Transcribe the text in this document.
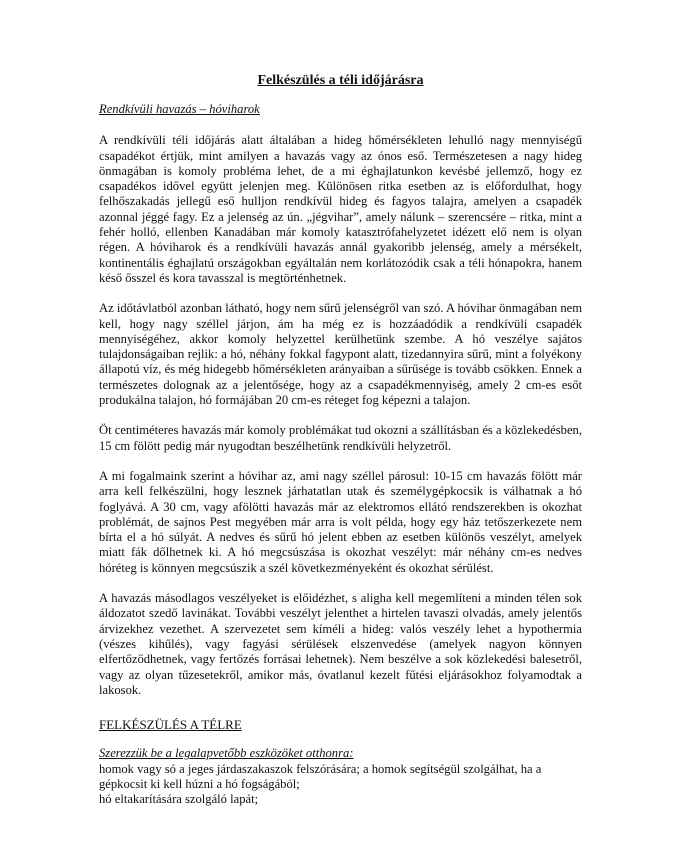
Felkészülés a téli időjárásra
Rendkívüli havazás – hóviharok

A rendkívüli téli időjárás alatt általában a hideg hőmérsékleten lehulló nagy mennyiségű csapadékot értjük, mint amilyen a havazás vagy az ónos eső. Természetesen a nagy hideg önmagában is komoly probléma lehet, de a mi éghajlatunkon kevésbé jellemző, hogy ez csapadékos idővel együtt jelenjen meg. Különösen ritka esetben az is előfordulhat, hogy felhőszakadás jellegű eső hulljon rendkívül hideg és fagyos talajra, amelyen a csapadék azonnal jéggé fagy. Ez a jelenség az ún. „jégvihar”, amely nálunk – szerencsére – ritka, mint a fehér holló, ellenben Kanadában már komoly katasztrófahelyzetet idézett elő nem is olyan régen. A hóviharok és a rendkívüli havazás annál gyakoribb jelenség, amely a mérsékelt, kontinentális éghajlatú országokban egyáltalán nem korlátozódik csak a téli hónapokra, hanem késő ősszel és kora tavasszal is megtörténhetnek.

Az időtávlatból azonban látható, hogy nem sűrű jelenségről van szó. A hóvihar önmagában nem kell, hogy nagy széllel járjon, ám ha még ez is hozzáadódik a rendkívüli csapadék mennyiségéhez, akkor komoly helyzettel kerülhetünk szembe. A hó veszélye sajátos tulajdonságaiban rejlik: a hó, néhány fokkal fagypont alatt, tizedannyira sűrű, mint a folyékony állapotú víz, és még hidegebb hőmérsékleten arányaiban a sűrűsége is tovább csökken. Ennek a természetes dolognak az a jelentősége, hogy az a csapadékmennyiség, amely 2 cm-es esőt produkálna talajon, hó formájában 20 cm-es réteget fog képezni a talajon.

Öt centiméteres havazás már komoly problémákat tud okozni a szállításban és a közlekedésben, 15 cm fölött pedig már nyugodtan beszélhetünk rendkívüli helyzetről.

A mi fogalmaink szerint a hóvihar az, ami nagy széllel párosul: 10-15 cm havazás fölött már arra kell felkészülni, hogy lesznek járhatatlan utak és személygépkocsik is válhatnak a hó foglyává. A 30 cm, vagy afölötti havazás már az elektromos ellátó rendszerekben is okozhat problémát, de sajnos Pest megyében már arra is volt példa, hogy egy ház tetőszerkezete nem bírta el a hó súlyát. A nedves és sűrű hó jelent ebben az esetben különös veszélyt, amelyek miatt fák dőlhetnek ki. A hó megcsúszása is okozhat veszélyt: már néhány cm-es nedves hóréteg is könnyen megcsúszik a szél következményeként és okozhat sérülést.

A havazás másodlagos veszélyeket is előidézhet, s aligha kell megemlíteni a minden télen sok áldozatot szedő lavinákat. További veszélyt jelenthet a hirtelen tavaszi olvadás, amely jelentős árvizekhez vezethet. A szervezetet sem kíméli a hideg: valós veszély lehet a hypothermia (vészes kihűlés), vagy fagyási sérülések elszenvedése (amelyek nagyon könnyen elfertőződhetnek, vagy fertőzés forrásai lehetnek). Nem beszélve a sok közlekedési balesetről, vagy az olyan tűzesetekről, amikor más, óvatlanul kezelt fűtési eljárásokhoz folyamodtak a lakosok.

FELKÉSZÜLÉS A TÉLRE

Szerezzük be a legalapvetőbb eszközöket otthonra:

homok vagy só a jeges járdaszakaszok felszórására; a homok segítségül szolgálhat, ha a

gépkocsit ki kell húzni a hó fogságából;

hó eltakarítására szolgáló lapát;
